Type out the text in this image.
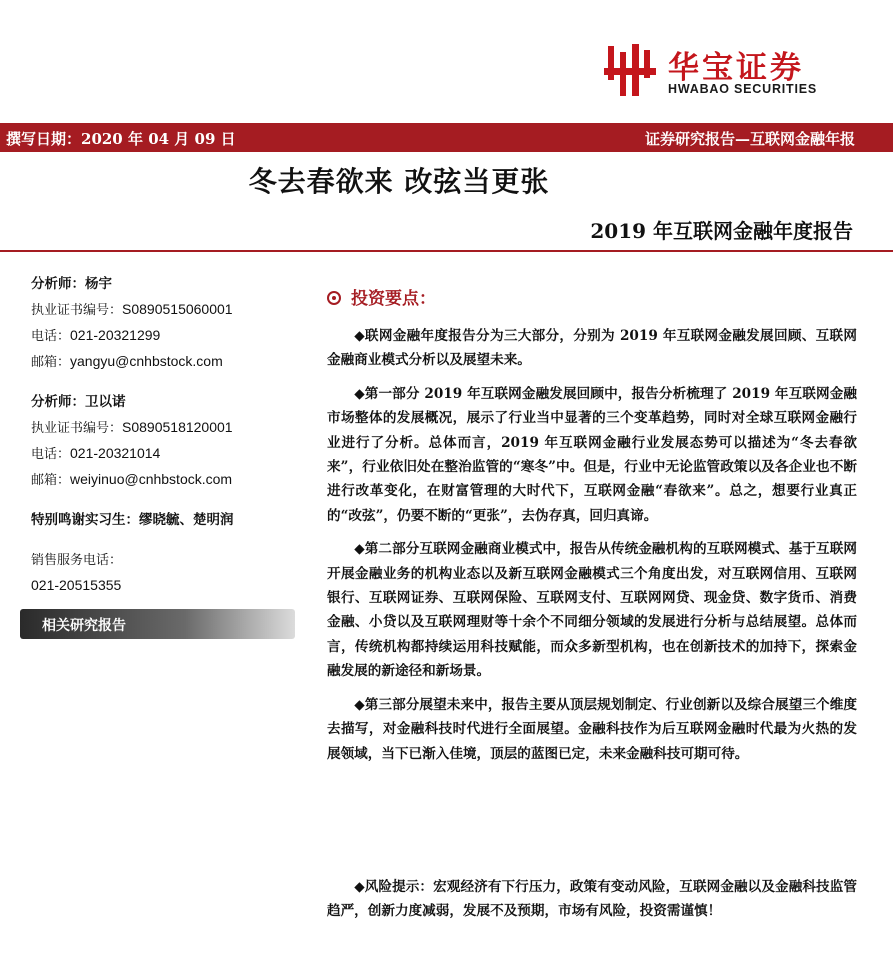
华宝证券
HWABAO SECURITIES
撰写日期：2020 年 04 月 09 日	证券研究报告—互联网金融年报
冬去春欲来 改弦当更张
2019 年互联网金融年度报告
分析师：杨宇
执业证书编号：S0890515060001
电话：021-20321299
邮箱：yangyu@cnhbstock.com
分析师：卫以诺
执业证书编号：S0890518120001
电话：021-20321014
邮箱：weiyinuo@cnhbstock.com
特别鸣谢实习生：缪晓毓、楚明润
销售服务电话：
021-20515355
相关研究报告
投资要点：

◆联网金融年度报告分为三大部分，分别为 2019 年互联网金融发展回顾、互联网金融商业模式分析以及展望未来。

◆第一部分 2019 年互联网金融发展回顾中，报告分析梳理了 2019 年互联网金融市场整体的发展概况，展示了行业当中显著的三个变革趋势，同时对全球互联网金融行业进行了分析。总体而言，2019 年互联网金融行业发展态势可以描述为“冬去春欲来”，行业依旧处在整治监管的“寒冬”中。但是，行业中无论监管政策以及各企业也不断进行改革变化，在财富管理的大时代下，互联网金融“春欲来”。总之，想要行业真正的“改弦”，仍要不断的“更张”，去伪存真，回归真谛。

◆第二部分互联网金融商业模式中，报告从传统金融机构的互联网模式、基于互联网开展金融业务的机构业态以及新互联网金融模式三个角度出发，对互联网信用、互联网银行、互联网证券、互联网保险、互联网支付、互联网网贷、现金贷、数字货币、消费金融、小贷以及互联网理财等十余个不同细分领域的发展进行分析与总结展望。总体而言，传统机构都持续运用科技赋能，而众多新型机构，也在创新技术的加持下，探索金融发展的新途径和新场景。

◆第三部分展望未来中，报告主要从顶层规划制定、行业创新以及综合展望三个维度去描写，对金融科技时代进行全面展望。金融科技作为后互联网金融时代最为火热的发展领域，当下已渐入佳境，顶层的蓝图已定，未来金融科技可期可待。

◆风险提示：宏观经济有下行压力，政策有变动风险，互联网金融以及金融科技监管趋严，创新力度减弱，发展不及预期，市场有风险，投资需谨慎！
